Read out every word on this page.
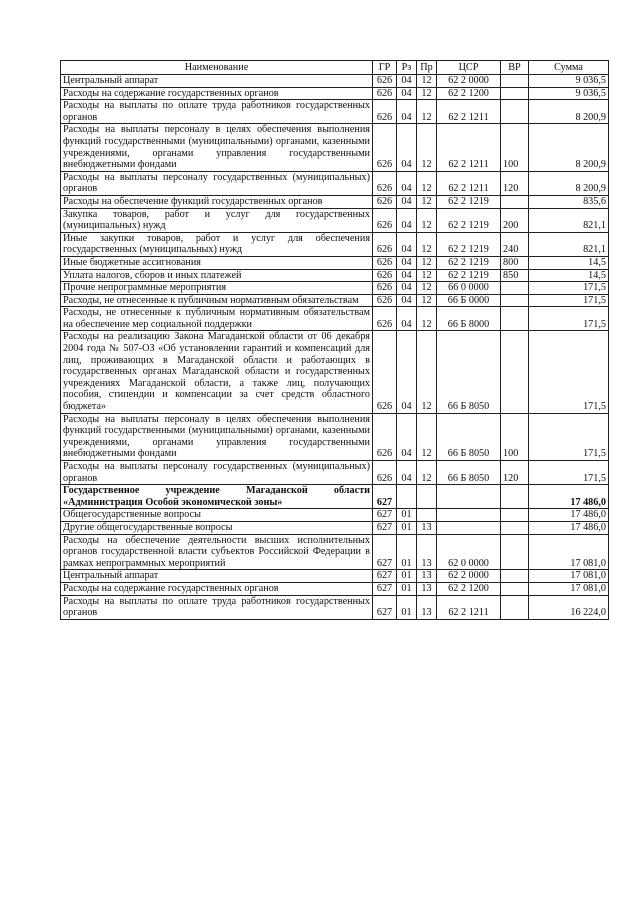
Наименование	ГР	Рз	Пр	ЦСР	ВР	Сумма
Центральный аппарат	626	04	12	62 2 0000		9 036,5
Расходы на содержание государственных органов	626	04	12	62 2 1200		9 036,5
Расходы на выплаты по оплате труда работников государственных органов	626	04	12	62 2 1211		8 200,9
Расходы на выплаты персоналу в целях обеспечения выполнения функций государственными (муниципальными) органами, казенными учреждениями, органами управления государственными внебюджетными фондами	626	04	12	62 2 1211	100	8 200,9
Расходы на выплаты персоналу государственных (муниципальных) органов	626	04	12	62 2 1211	120	8 200,9
Расходы на обеспечение функций государственных органов	626	04	12	62 2 1219		835,6
Закупка товаров, работ и услуг для государственных (муниципальных) нужд	626	04	12	62 2 1219	200	821,1
Иные закупки товаров, работ и услуг для обеспечения государственных (муниципальных) нужд	626	04	12	62 2 1219	240	821,1
Иные бюджетные ассигнования	626	04	12	62 2 1219	800	14,5
Уплата налогов, сборов и иных платежей	626	04	12	62 2 1219	850	14,5
Прочие непрограммные мероприятия	626	04	12	66 0 0000		171,5
Расходы, не отнесенные к публичным нормативным обязательствам	626	04	12	66 Б 0000		171,5
Расходы, не отнесенные к публичным нормативным обязательствам на обеспечение мер социальной поддержки	626	04	12	66 Б 8000		171,5
Расходы на реализацию Закона Магаданской области от 06 декабря 2004 года № 507-ОЗ «Об установлении гарантий и компенсаций для лиц, проживающих в Магаданской области и работающих в государственных органах Магаданской области и государственных учреждениях Магаданской области, а также лиц, получающих пособия, стипендии и компенсации за счет средств областного бюджета»	626	04	12	66 Б 8050		171,5
Расходы на выплаты персоналу в целях обеспечения выполнения функций государственными (муниципальными) органами, казенными учреждениями, органами управления государственными внебюджетными фондами	626	04	12	66 Б 8050	100	171,5
Расходы на выплаты персоналу государственных (муниципальных) органов	626	04	12	66 Б 8050	120	171,5
Государственное учреждение Магаданской области «Администрация Особой экономической зоны»	627					17 486,0
Общегосударственные вопросы	627	01				17 486,0
Другие общегосударственные вопросы	627	01	13			17 486,0
Расходы на обеспечение деятельности высших исполнительных органов государственной власти субъектов Российской Федерации в рамках непрограммных мероприятий	627	01	13	62 0 0000		17 081,0
Центральный аппарат	627	01	13	62 2 0000		17 081,0
Расходы на содержание государственных органов	627	01	13	62 2 1200		17 081,0
Расходы на выплаты по оплате труда работников государственных органов	627	01	13	62 2 1211		16 224,0
